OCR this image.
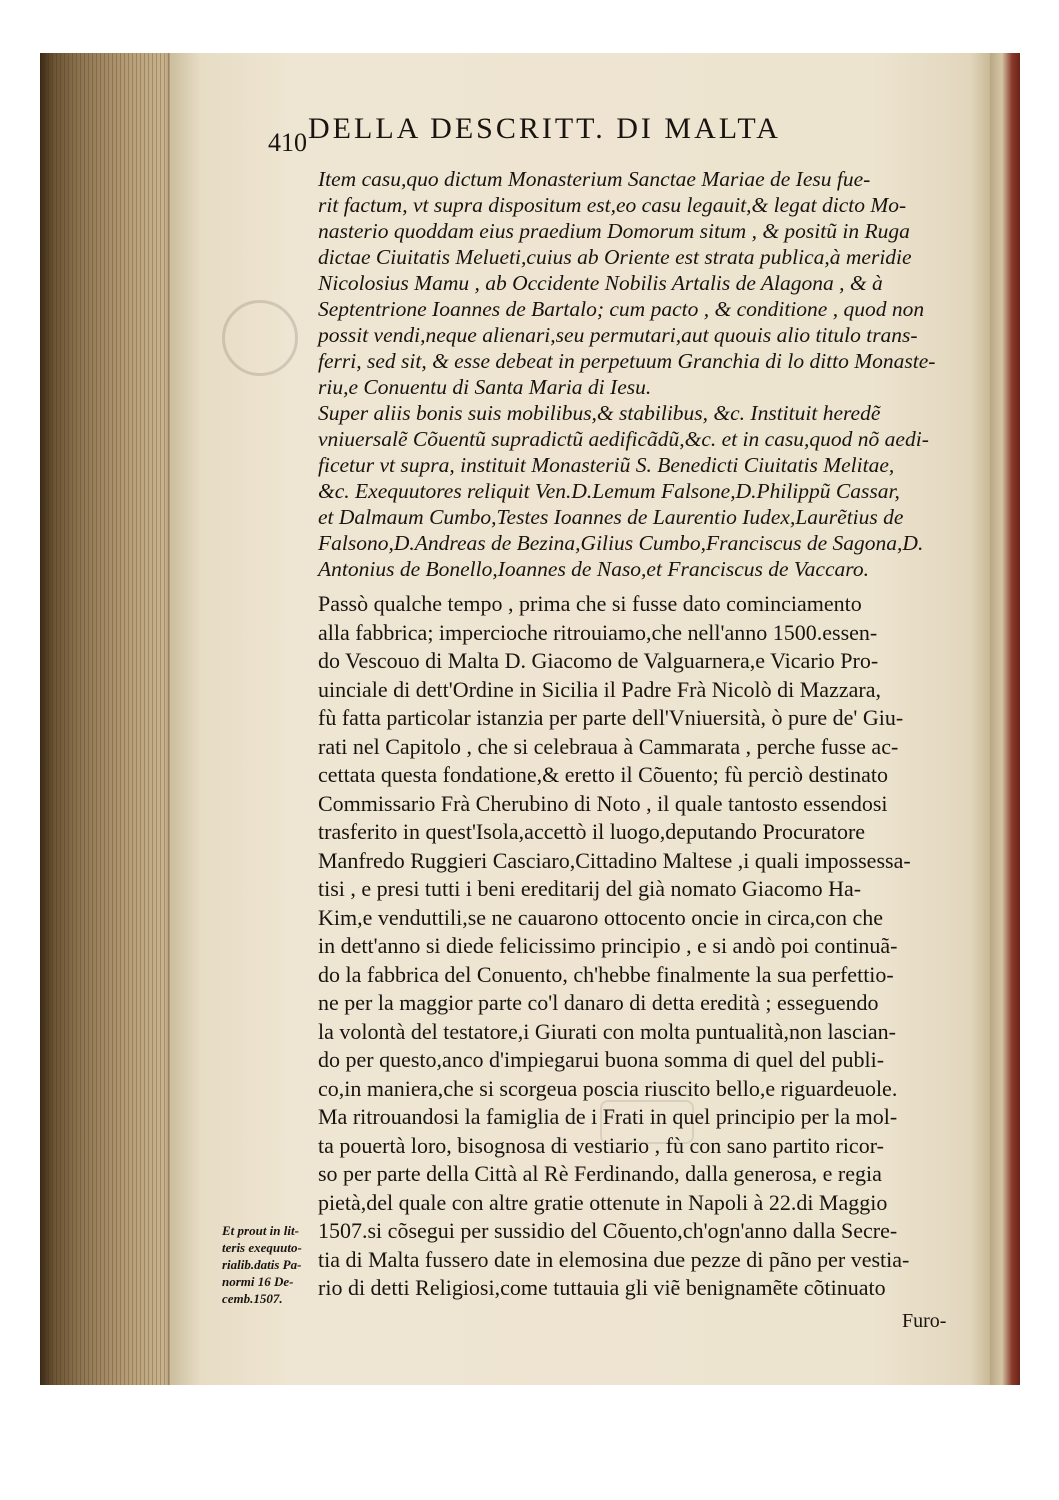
410 DELLA DESCRITT. DI MALTA
Item casu,quo dictum Monasterium Sanctae Mariae de Iesu fue-
rit factum, vt supra dispositum est,eo casu legauit,& legat dicto Mo-
nasterio quoddam eius praedium Domorum situm , & positũ in Ruga
dictae Ciuitatis Melueti,cuius ab Oriente est strata publica,à meridie
Nicolosius Mamu , ab Occidente Nobilis Artalis de Alagona , & à
Septentrione Ioannes de Bartalo; cum pacto , & conditione , quod non
possit vendi,neque alienari,seu permutari,aut quouis alio titulo trans-
ferri, sed sit, & esse debeat in perpetuum Granchia di lo ditto Monaste-
riu,e Conuentu di Santa Maria di Iesu.
Super aliis bonis suis mobilibus,& stabilibus, &c. Instituit heredẽ
vniuersalẽ Cõuentũ supradictũ aedificãdũ,&c. et in casu,quod nõ aedi-
ficetur vt supra, instituit Monasteriũ S. Benedicti Ciuitatis Melitae,
&c. Exequutores reliquit Ven.D.Lemum Falsone,D.Philippũ Cassar,
et Dalmaum Cumbo,Testes Ioannes de Laurentio Iudex,Laurẽtius de
Falsono,D.Andreas de Bezina,Gilius Cumbo,Franciscus de Sagona,D.
Antonius de Bonello,Ioannes de Naso,et Franciscus de Vaccaro.
Passò qualche tempo , prima che si fusse dato cominciamento
alla fabbrica; impercioche ritrouiamo,che nell'anno 1500.essen-
do Vescouo di Malta D. Giacomo de Valguarnera,e Vicario Pro-
uinciale di dett'Ordine in Sicilia il Padre Frà Nicolò di Mazzara,
fù fatta particolar istanzia per parte dell'Vniuersità, ò pure de' Giu-
rati nel Capitolo , che si celebraua à Cammarata , perche fusse ac-
cettata questa fondatione,& eretto il Cõuento; fù perciò destinato
Commissario Frà Cherubino di Noto , il quale tantosto essendosi
trasferito in quest'Isola,accettò il luogo,deputando Procuratore
Manfredo Ruggieri Casciaro,Cittadino Maltese ,i quali impossessa-
tisi , e presi tutti i beni ereditarij del già nomato Giacomo Ha-
Kim,e venduttili,se ne cauarono ottocento oncie in circa,con che
in dett'anno si diede felicissimo principio , e si andò poi continuã-
do la fabbrica del Conuento, ch'hebbe finalmente la sua perfettio-
ne per la maggior parte co'l danaro di detta eredità ; esseguendo
la volontà del testatore,i Giurati con molta puntualità,non lascian-
do per questo,anco d'impiegarui buona somma di quel del publi-
co,in maniera,che si scorgeua poscia riuscito bello,e riguardeuole.
Ma ritrouandosi la famiglia de i Frati in quel principio per la mol-
ta pouertà loro, bisognosa di vestiario , fù con sano partito ricor-
so per parte della Città al Rè Ferdinando, dalla generosa, e regia
pietà,del quale con altre gratie ottenute in Napoli à 22.di Maggio
1507.si cõsegui per sussidio del Cõuento,ch'ogn'anno dalla Secre-
tia di Malta fussero date in elemosina due pezze di pãno per vestia-
rio di detti Religiosi,come tuttauia gli viẽ benignamẽte cõtinuato
Et prout in lit-
teris exequuto-
rialib.datis Pa-
normi 16 De-
cemb.1507.
Furo-
